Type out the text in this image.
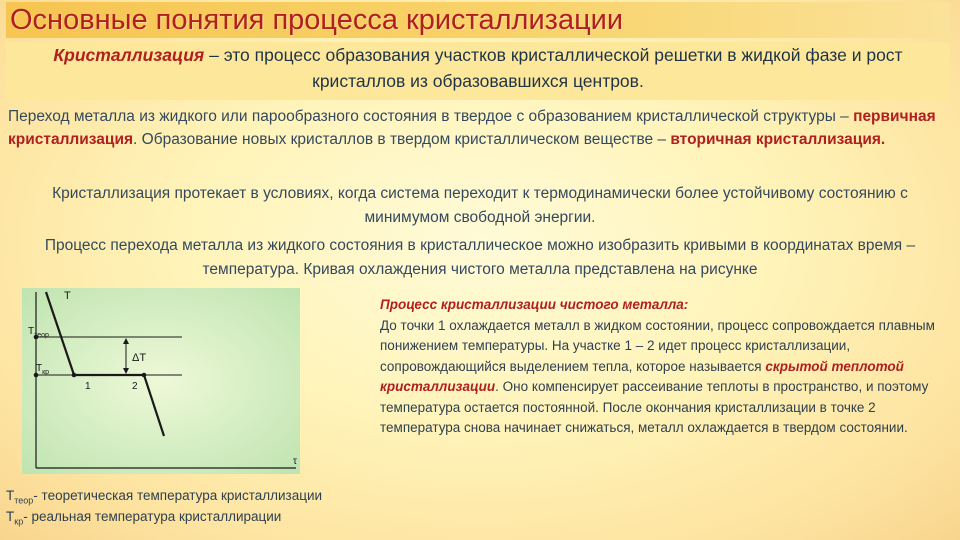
Основные понятия процесса кристаллизации
Кристаллизация – это процесс образования участков кристаллической решетки в жидкой фазе и рост кристаллов из образовавшихся центров.
Переход металла из жидкого или парообразного состояния в твердое с образованием кристаллической структуры – первичная кристаллизация. Образование новых кристаллов в твердом кристаллическом веществе – вторичная кристаллизация.
Кристаллизация протекает в условиях, когда система переходит к термодинамически более устойчивому состоянию с минимумом свободной энергии.
Процесс перехода металла из жидкого состояния в кристаллическое можно изобразить кривыми в координатах время – температура. Кривая охлаждения чистого металла представлена на рисунке
T
τ
ΔT
1	2
$Т_{теор}$
$Т_{кр}$
Процесс кристаллизации чистого металла:
До точки 1 охлаждается металл в жидком состоянии, процесс сопровождается плавным понижением температуры. На участке 1 – 2 идет процесс кристаллизации, сопровождающийся выделением тепла, которое называется скрытой теплотой кристаллизации. Оно компенсирует рассеивание теплоты в пространство, и поэтому температура остается постоянной. После окончания кристаллизации в точке 2 температура снова начинает снижаться, металл охлаждается в твердом состоянии.
$Т_{теор}-$ теоретическая температура кристаллизации
$Т_{кр}-$ реальная температура кристаллирации
